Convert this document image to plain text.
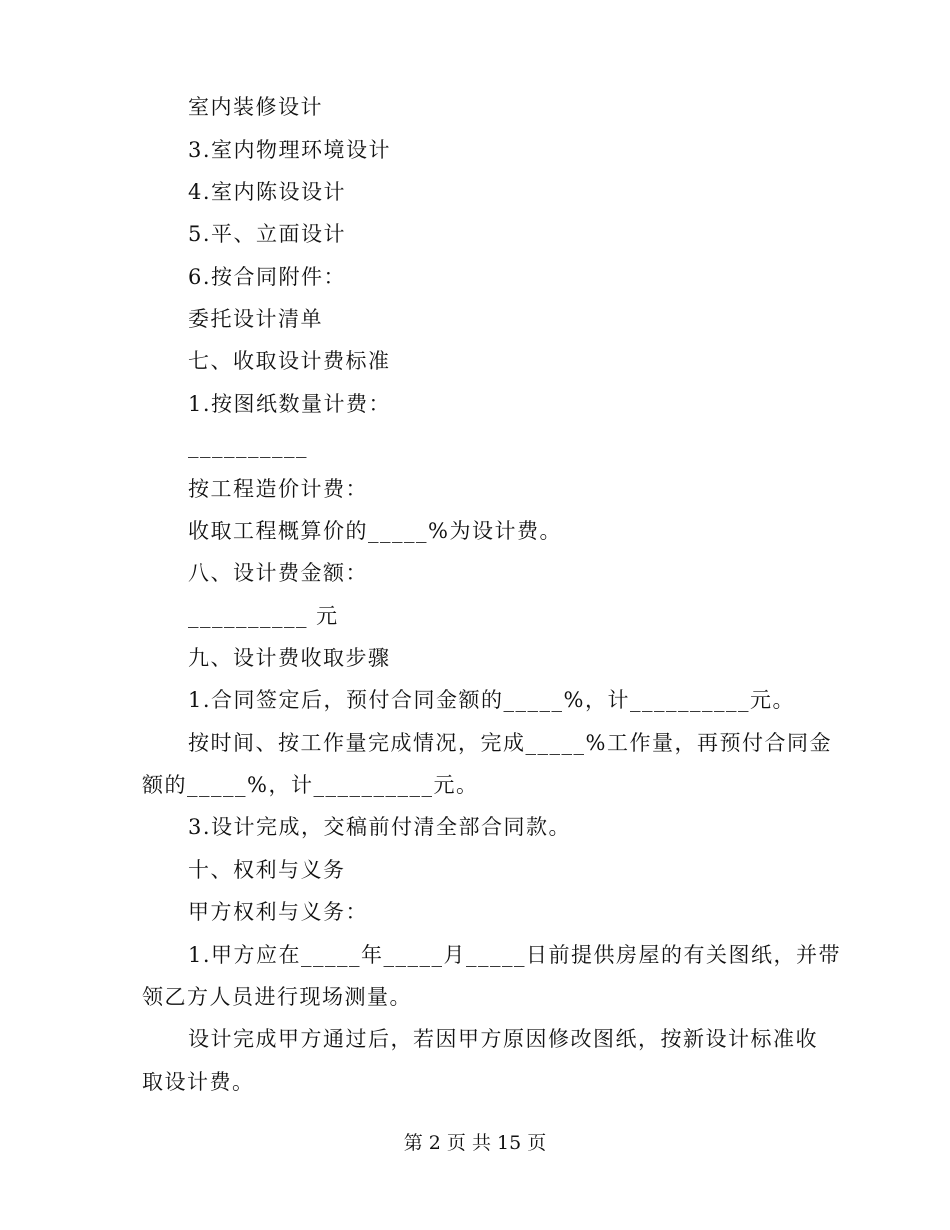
室内装修设计
3.室内物理环境设计
4.室内陈设设计
5.平、立面设计
6.按合同附件：
委托设计清单
七、收取设计费标准
1.按图纸数量计费：
__________
按工程造价计费：
收取工程概算价的_____%为设计费。
八、设计费金额：
__________ 元
九、设计费收取步骤
1.合同签定后，预付合同金额的_____%，计__________元。
按时间、按工作量完成情况，完成_____%工作量，再预付合同金
额的_____%，计__________元。
3.设计完成，交稿前付清全部合同款。
十、权利与义务
甲方权利与义务：
1.甲方应在_____年_____月_____日前提供房屋的有关图纸，并带
领乙方人员进行现场测量。
设计完成甲方通过后，若因甲方原因修改图纸，按新设计标准收
取设计费。
第 2 页 共 15 页
